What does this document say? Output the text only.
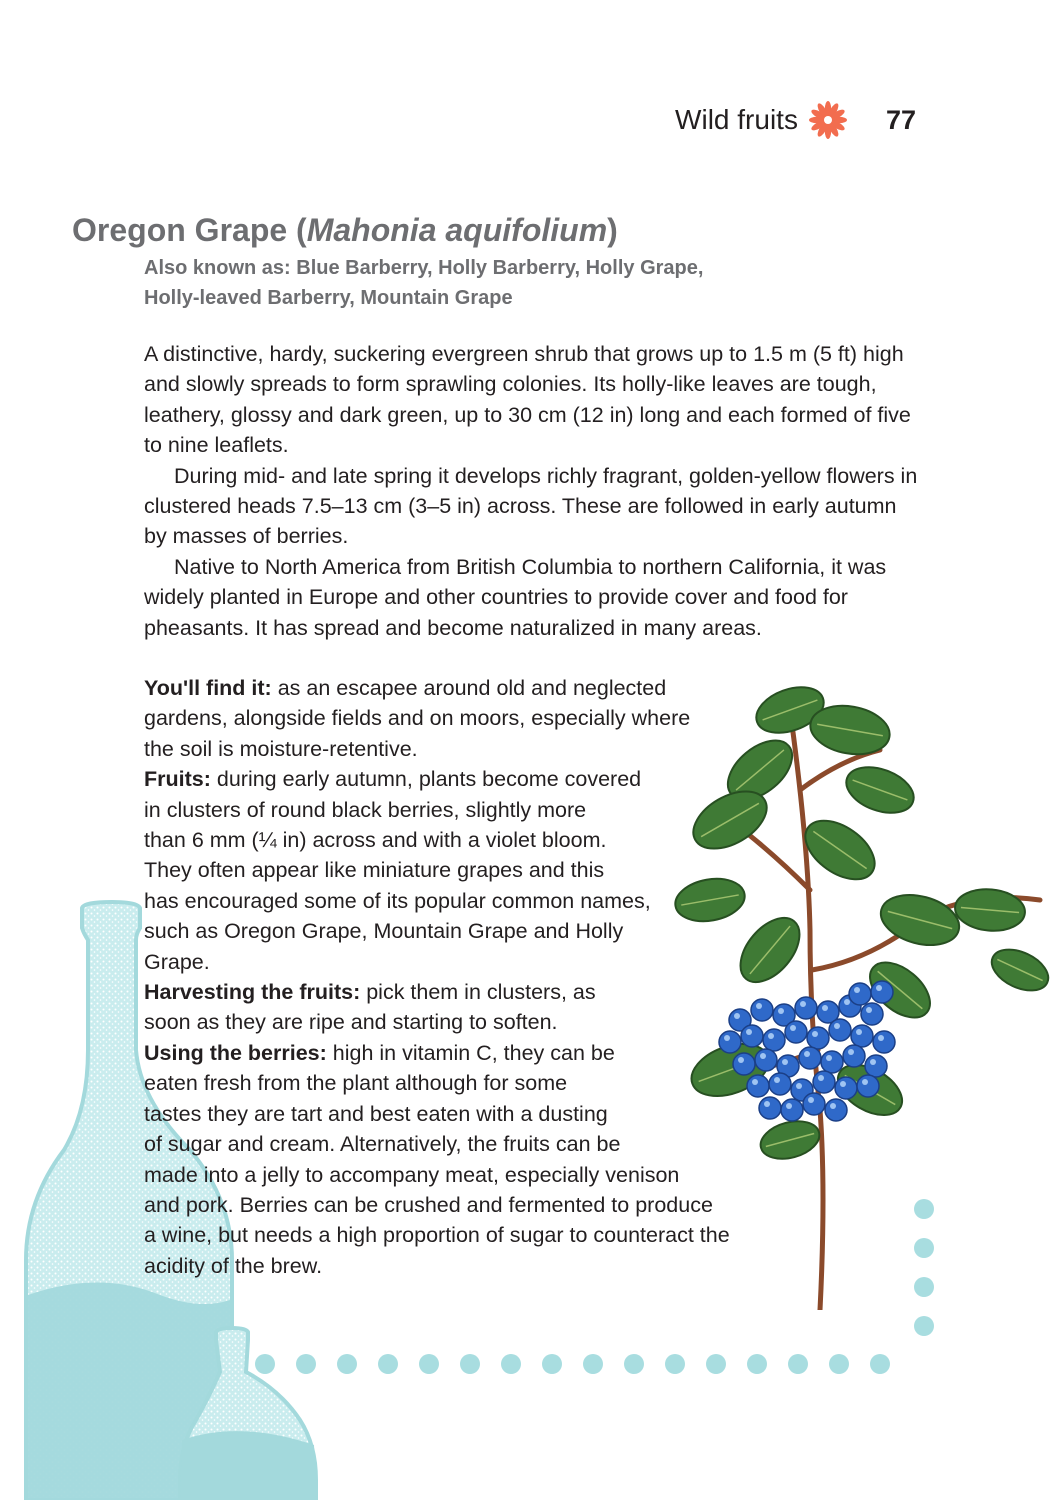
Wild fruits	77
Oregon Grape (Mahonia aquifolium)
Also known as: Blue Barberry, Holly Barberry, Holly Grape,
Holly-leaved Barberry, Mountain Grape

A distinctive, hardy, suckering evergreen shrub that grows up to 1.5 m (5 ft) high and slowly spreads to form sprawling colonies. Its holly-like leaves are tough, leathery, glossy and dark green, up to 30 cm (12 in) long and each formed of five to nine leaflets.

During mid- and late spring it develops richly fragrant, golden-yellow flowers in clustered heads 7.5–13 cm (3–5 in) across. These are followed in early autumn by masses of berries.

Native to North America from British Columbia to northern California, it was widely planted in Europe and other countries to provide cover and food for pheasants. It has spread and become naturalized in many areas.

You'll find it: as an escapee around old and neglected
gardens, alongside fields and on moors, especially where
the soil is moisture-retentive.

Fruits: during early autumn, plants become covered
in clusters of round black berries, slightly more
than 6 mm (¼ in) across and with a violet bloom.
They often appear like miniature grapes and this
has encouraged some of its popular common names,
such as Oregon Grape, Mountain Grape and Holly
Grape.

Harvesting the fruits: pick them in clusters, as
soon as they are ripe and starting to soften.

Using the berries: high in vitamin C, they can be
eaten fresh from the plant although for some
tastes they are tart and best eaten with a dusting
of sugar and cream. Alternatively, the fruits can be
made into a jelly to accompany meat, especially venison
and pork. Berries can be crushed and fermented to produce
a wine, but needs a high proportion of sugar to counteract the
acidity of the brew.
